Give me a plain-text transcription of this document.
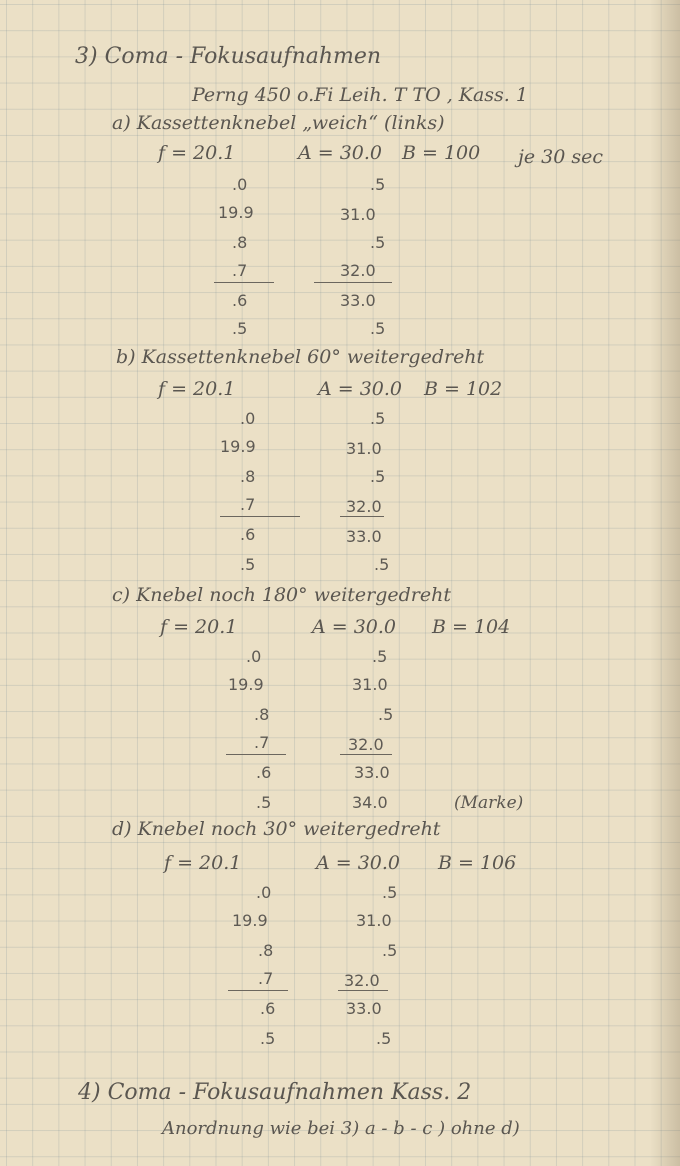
3) Coma - Fokusaufnahmen
Perng 450 o.Fi Leih. T TO , Kass. 1
a) Kassettenknebel „weich“ (links)
f = 20.1	A = 30.0 B = 100 je 30 sec
.0	.5
19.9	31.0
.8	.5
.7	32.0
.6	33.0
.5	.5
b) Kassettenknebel 60° weitergedreht
f = 20.1	A = 30.0 B = 102
.0	.5
19.9	31.0
.8	.5
.7	32.0
.6	33.0
.5	.5
c) Knebel noch 180° weitergedreht
f = 20.1	A = 30.0 B = 104
.0	.5
19.9	31.0
.8	.5
.7	32.0
.6	33.0
.5	34.0	(Marke)
d) Knebel noch 30° weitergedreht
f = 20.1	A = 30.0 B = 106
.0	.5
19.9	31.0
.8	.5
.7	32.0
.6	33.0
.5	.5
4) Coma - Fokusaufnahmen Kass. 2
Anordnung wie bei 3) a - b - c ) ohne d)
